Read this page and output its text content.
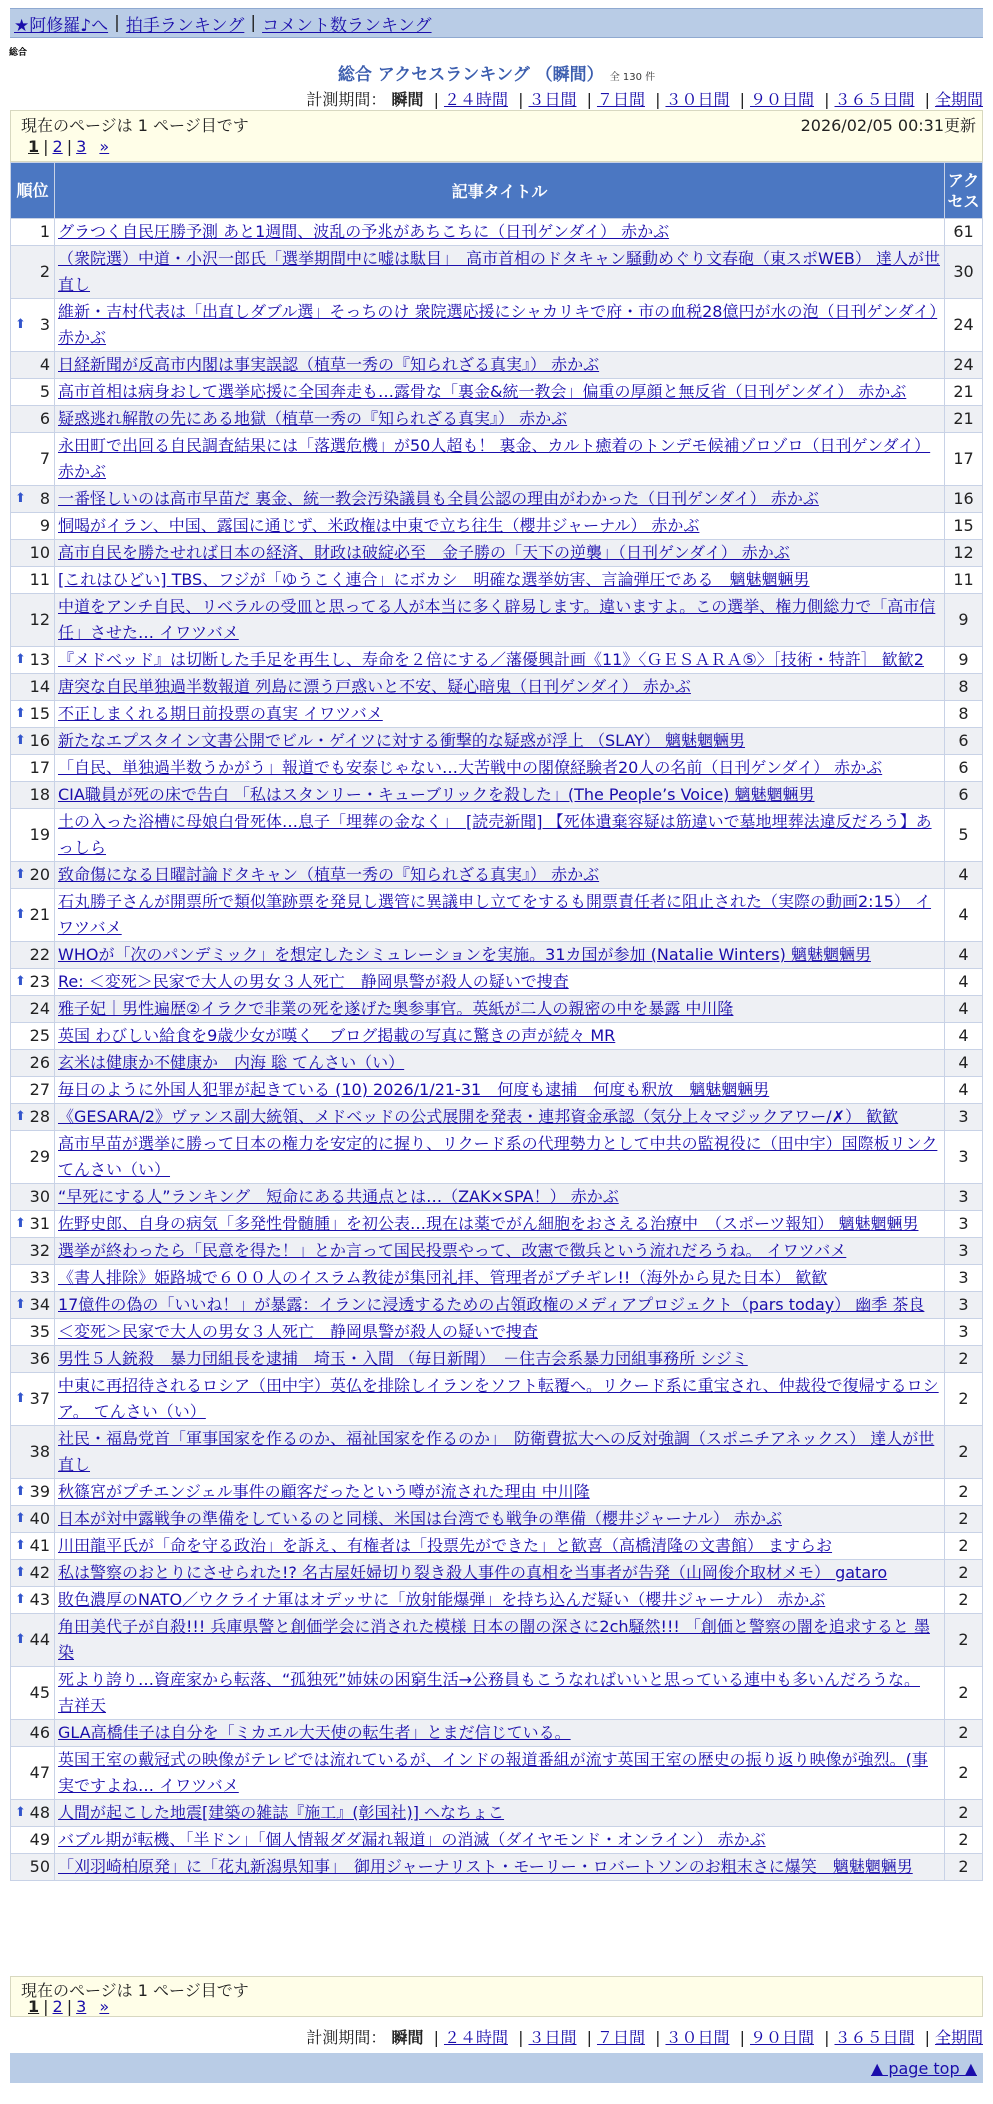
★阿修羅♪へ | 拍手ランキング | コメント数ランキング
総合
総合 アクセスランキング （瞬間） 全 130 件
計測期間： 瞬間 | ２４時間 | ３日間 | ７日間 | ３０日間 | ９０日間 | ３６５日間 | 全期間
現在のページは 1 ページ目です	2026/02/05 00:31更新
1 | 2 | 3 »
順位	記事タイトル	アクセス
1	グラつく自民圧勝予測 あと1週間、波乱の予兆があちこちに（日刊ゲンダイ） 赤かぶ	61
2	（衆院選）中道・小沢一郎氏「選挙期間中に嘘は駄目」　高市首相のドタキャン騒動めぐり文春砲（東スポWEB） 達人が世直し	30

⬆ 3	維新・吉村代表は「出直しダブル選」そっちのけ 衆院選応援にシャカリキで府・市の血税28億円が水の泡（日刊ゲンダイ）赤かぶ	24
4	日経新聞が反高市内閣は事実誤認（植草一秀の『知られざる真実』） 赤かぶ	24
5	高市首相は病身おして選挙応援に全国奔走も…露骨な「裏金&統一教会」偏重の厚顔と無反省（日刊ゲンダイ） 赤かぶ	21
6	疑惑逃れ解散の先にある地獄（植草一秀の『知られざる真実』） 赤かぶ	21
7	永田町で出回る自民調査結果には「落選危機」が50人超も！ 裏金、カルト癒着のトンデモ候補ゾロゾロ（日刊ゲンダイ） 赤かぶ	17

⬆ 8	一番怪しいのは高市早苗だ 裏金、統一教会汚染議員も全員公認の理由がわかった（日刊ゲンダイ） 赤かぶ	16
9	恫喝がイラン、中国、露国に通じず、米政権は中東で立ち往生（櫻井ジャーナル） 赤かぶ	15
10	高市自民を勝たせれば日本の経済、財政は破綻必至　金子勝の「天下の逆襲」（日刊ゲンダイ） 赤かぶ	12
11	[これはひどい] TBS、フジが「ゆうこく連合」にボカシ　明確な選挙妨害、言論弾圧である　魑魅魍魎男	11
12	中道をアンチ自民、リベラルの受皿と思ってる人が本当に多く辟易します。違いますよ。この選挙、権力側総力で「高市信任」させた… イワツバメ	9

⬆ 13	『メドベッド』は切断した手足を再生し、寿命を２倍にする／藩優興計画《11》〈ＧＥＳＡＲＡ⑤〉［技術・特許］ 歓歓2	9
14	唐突な自民単独過半数報道 列島に漂う戸惑いと不安、疑心暗鬼（日刊ゲンダイ） 赤かぶ	8

⬆ 15	不正しまくれる期日前投票の真実 イワツバメ	8

⬆ 16	新たなエプスタイン文書公開でビル・ゲイツに対する衝撃的な疑惑が浮上 （SLAY） 魑魅魍魎男	6
17	「自民、単独過半数うかがう」報道でも安泰じゃない…大苦戦中の閣僚経験者20人の名前（日刊ゲンダイ） 赤かぶ	6
18	CIA職員が死の床で告白 「私はスタンリー・キューブリックを殺した」(The People’s Voice) 魑魅魍魎男	6
19	土の入った浴槽に母娘白骨死体…息子「埋葬の金なく」　[読売新聞] 【死体遺棄容疑は筋違いで墓地埋葬法違反だろう】あっしら	5

⬆ 20	致命傷になる日曜討論ドタキャン（植草一秀の『知られざる真実』） 赤かぶ	4

⬆ 21	石丸勝子さんが開票所で類似筆跡票を発見し選管に異議申し立てをするも開票責任者に阻止された（実際の動画2:15） イワツバメ	4
22	WHOが「次のパンデミック」を想定したシミュレーションを実施。31カ国が参加 (Natalie Winters) 魑魅魍魎男	4

⬆ 23	Re: ＜変死＞民家で大人の男女３人死亡　静岡県警が殺人の疑いで捜査	4
24	雅子妃｜男性遍歴②イラクで非業の死を遂げた奥参事官。英紙が二人の親密の中を暴露 中川隆	4
25	英国 わびしい給食を9歳少女が嘆く　ブログ掲載の写真に驚きの声が続々 MR	4
26	玄米は健康か不健康か　内海 聡 てんさい（い）	4
27	毎日のように外国人犯罪が起きている (10) 2026/1/21-31　何度も逮捕　何度も釈放　魑魅魍魎男	4

⬆ 28	《GESARA/2》ヴァンス副大統領、メドベッドの公式展開を発表・連邦資金承認（気分上々マジックアワー/✗） 歓歓	3
29	高市早苗が選挙に勝って日本の権力を安定的に握り、リクード系の代理勢力として中共の監視役に（田中宇）国際板リンク てんさい（い）	3
30	“早死にする人”ランキング　短命にある共通点とは…（ZAK×SPA！） 赤かぶ	3

⬆ 31	佐野史郎、自身の病気「多発性骨髄腫」を初公表…現在は薬でがん細胞をおさえる治療中　（スポーツ報知） 魑魅魍魎男	3
32	選挙が終わったら「民意を得た！」とか言って国民投票やって、改憲で徴兵という流れだろうね。 イワツバメ	3
33	《書人排除》姫路城で６００人のイスラム教徒が集団礼拝、管理者がブチギレ!!（海外から見た日本） 歓歓	3

⬆ 34	17億件の偽の「いいね！」が暴露：イランに浸透するための占領政権のメディアプロジェクト（pars today） 幽季 茶良	3
35	＜変死＞民家で大人の男女３人死亡　静岡県警が殺人の疑いで捜査	3
36	男性５人銃殺　暴力団組長を逮捕　埼玉・入間 （毎日新聞）　－住吉会系暴力団組事務所 シジミ	2

⬆ 37	中東に再招待されるロシア（田中宇）英仏を排除しイランをソフト転覆へ。リクード系に重宝され、仲裁役で復帰するロシア。 てんさい（い）	2
38	社民・福島党首「軍事国家を作るのか、福祉国家を作るのか」　防衛費拡大への反対強調（スポニチアネックス） 達人が世直し	2

⬆ 39	秋篠宮がプチエンジェル事件の顧客だったという噂が流された理由 中川隆	2

⬆ 40	日本が対中露戦争の準備をしているのと同様、米国は台湾でも戦争の準備（櫻井ジャーナル） 赤かぶ	2

⬆ 41	川田龍平氏が「命を守る政治」を訴え、有権者は「投票先ができた」と歓喜（高橋清隆の文書館） ますらお	2

⬆ 42	私は警察のおとりにさせられた!? 名古屋妊婦切り裂き殺人事件の真相を当事者が告発（山岡俊介取材メモ） gataro	2

⬆ 43	敗色濃厚のNATO／ウクライナ軍はオデッサに「放射能爆弾」を持ち込んだ疑い（櫻井ジャーナル） 赤かぶ	2

⬆ 44	角田美代子が自殺!!! 兵庫県警と創価学会に消された模様 日本の闇の深さに2ch騒然!!! 「創価と警察の闇を追求すると 墨染	2
45	死より誇り…資産家から転落、“孤独死”姉妹の困窮生活→公務員もこうなればいいと思っている連中も多いんだろうな。 吉祥天	2
46	GLA高橋佳子は自分を「ミカエル大天使の転生者」とまだ信じている。	2
47	英国王室の戴冠式の映像がテレビでは流れているが、インドの報道番組が流す英国王室の歴史の振り返り映像が強烈。(事実ですよね… イワツバメ	2

⬆ 48	人間が起こした地震[建築の雑誌『施工』(彰国社)] へなちょこ	2
49	バブル期が転機、「半ドン」「個人情報ダダ漏れ報道」の消滅（ダイヤモンド・オンライン） 赤かぶ	2
50	「刈羽崎柏原発」に「花丸新潟県知事」　御用ジャーナリスト・モーリー・ロバートソンのお粗末さに爆笑　魑魅魍魎男	2
現在のページは 1 ページ目です
1 | 2 | 3 »
計測期間： 瞬間 | ２４時間 | ３日間 | ７日間 | ３０日間 | ９０日間 | ３６５日間 | 全期間
▲ page top ▲
